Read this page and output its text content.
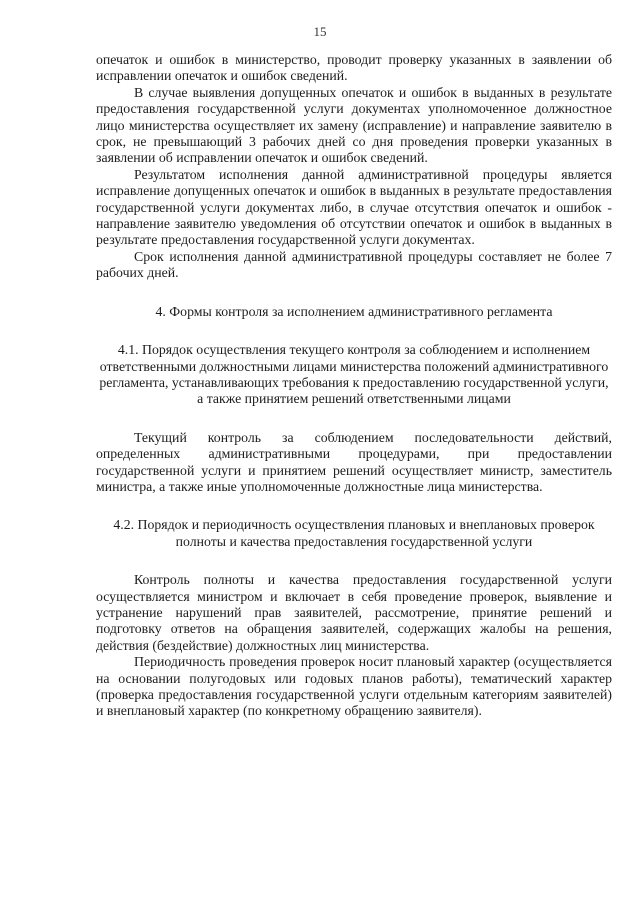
15

опечаток и ошибок в министерство, проводит проверку указанных в заявлении об исправлении опечаток и ошибок сведений.

В случае выявления допущенных опечаток и ошибок в выданных в результате предоставления государственной услуги документах уполномоченное должностное лицо министерства осуществляет их замену (исправление) и направление заявителю в срок, не превышающий 3 рабочих дней со дня проведения проверки указанных в заявлении об исправлении опечаток и ошибок сведений.

Результатом исполнения данной административной процедуры является исправление допущенных опечаток и ошибок в выданных в результате предоставления государственной услуги документах либо, в случае отсутствия опечаток и ошибок - направление заявителю уведомления об отсутствии опечаток и ошибок в выданных в результате предоставления государственной услуги документах.

Срок исполнения данной административной процедуры составляет не более 7 рабочих дней.

4. Формы контроля за исполнением административного регламента

4.1. Порядок осуществления текущего контроля за соблюдением и исполнением ответственными должностными лицами министерства положений административного регламента, устанавливающих требования к предоставлению государственной услуги, а также принятием решений ответственными лицами

Текущий контроль за соблюдением последовательности действий, определенных административными процедурами, при предоставлении государственной услуги и принятием решений осуществляет министр, заместитель министра, а также иные уполномоченные должностные лица министерства.

4.2. Порядок и периодичность осуществления плановых и внеплановых проверок полноты и качества предоставления государственной услуги

Контроль полноты и качества предоставления государственной услуги осуществляется министром и включает в себя проведение проверок, выявление и устранение нарушений прав заявителей, рассмотрение, принятие решений и подготовку ответов на обращения заявителей, содержащих жалобы на решения, действия (бездействие) должностных лиц министерства.

Периодичность проведения проверок носит плановый характер (осуществляется на основании полугодовых или годовых планов работы), тематический характер (проверка предоставления государственной услуги отдельным категориям заявителей) и внеплановый характер (по конкретному обращению заявителя).
